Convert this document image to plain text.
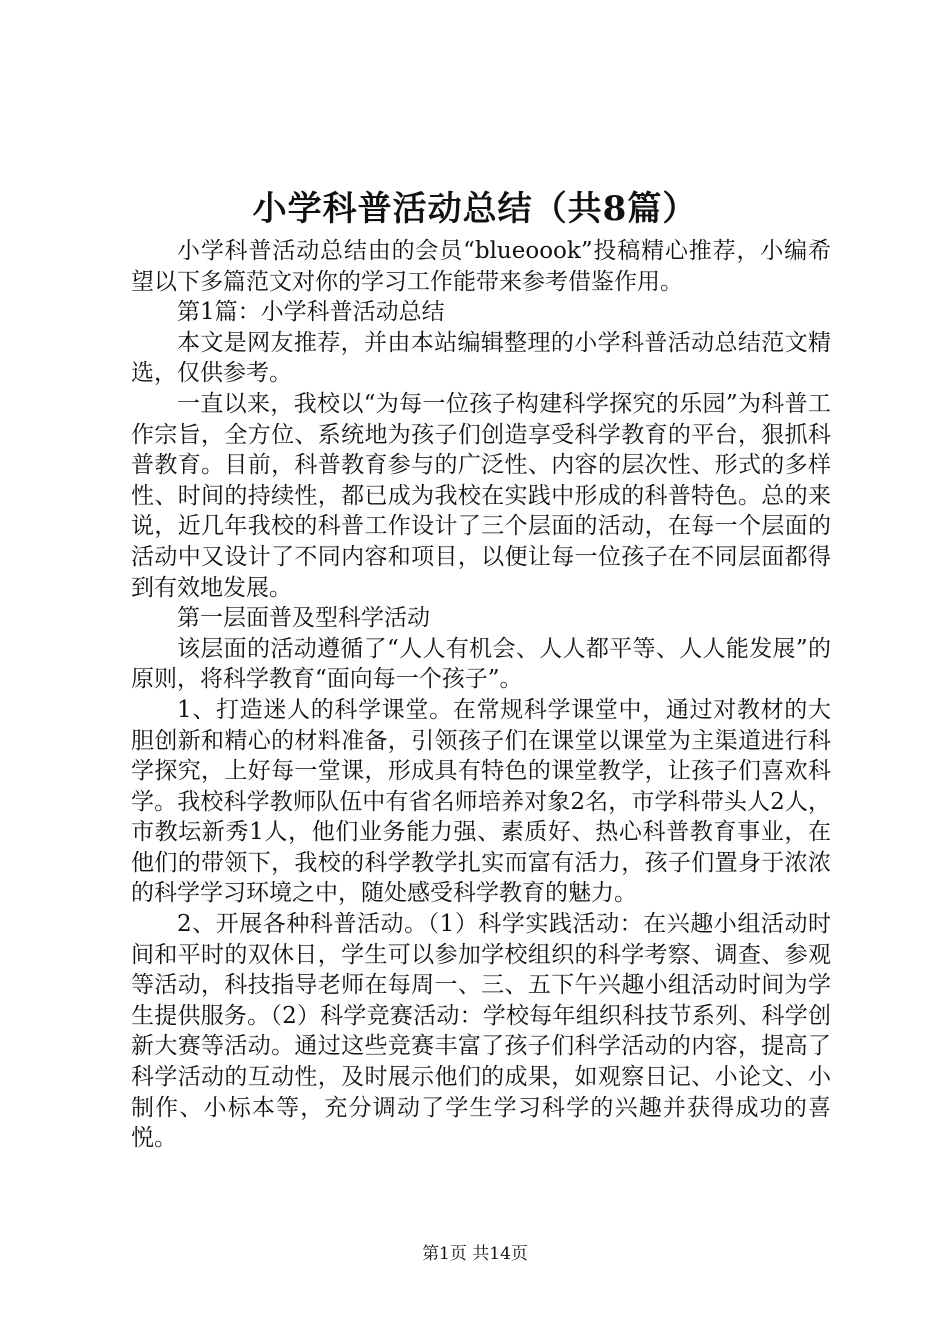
小学科普活动总结（共8篇）

小学科普活动总结由的会员“blueoook”投稿精心推荐，小编希望以下多篇范文对你的学习工作能带来参考借鉴作用。

第1篇：小学科普活动总结

本文是网友推荐，并由本站编辑整理的小学科普活动总结范文精选，仅供参考。

一直以来，我校以“为每一位孩子构建科学探究的乐园”为科普工作宗旨，全方位、系统地为孩子们创造享受科学教育的平台，狠抓科普教育。目前，科普教育参与的广泛性、内容的层次性、形式的多样性、时间的持续性，都已成为我校在实践中形成的科普特色。总的来说，近几年我校的科普工作设计了三个层面的活动，在每一个层面的活动中又设计了不同内容和项目，以便让每一位孩子在不同层面都得到有效地发展。

第一层面普及型科学活动

该层面的活动遵循了“人人有机会、人人都平等、人人能发展”的原则，将科学教育“面向每一个孩子”。

1、打造迷人的科学课堂。在常规科学课堂中，通过对教材的大胆创新和精心的材料准备，引领孩子们在课堂以课堂为主渠道进行科学探究，上好每一堂课，形成具有特色的课堂教学，让孩子们喜欢科学。我校科学教师队伍中有省名师培养对象2名，市学科带头人2人，市教坛新秀1人，他们业务能力强、素质好、热心科普教育事业，在他们的带领下，我校的科学教学扎实而富有活力，孩子们置身于浓浓的科学学习环境之中，随处感受科学教育的魅力。

2、开展各种科普活动。（1）科学实践活动：在兴趣小组活动时间和平时的双休日，学生可以参加学校组织的科学考察、调查、参观等活动，科技指导老师在每周一、三、五下午兴趣小组活动时间为学生提供服务。（2）科学竞赛活动：学校每年组织科技节系列、科学创新大赛等活动。通过这些竞赛丰富了孩子们科学活动的内容，提高了科学活动的互动性，及时展示他们的成果，如观察日记、小论文、小制作、小标本等，充分调动了学生学习科学的兴趣并获得成功的喜悦。

第1页 共14页
